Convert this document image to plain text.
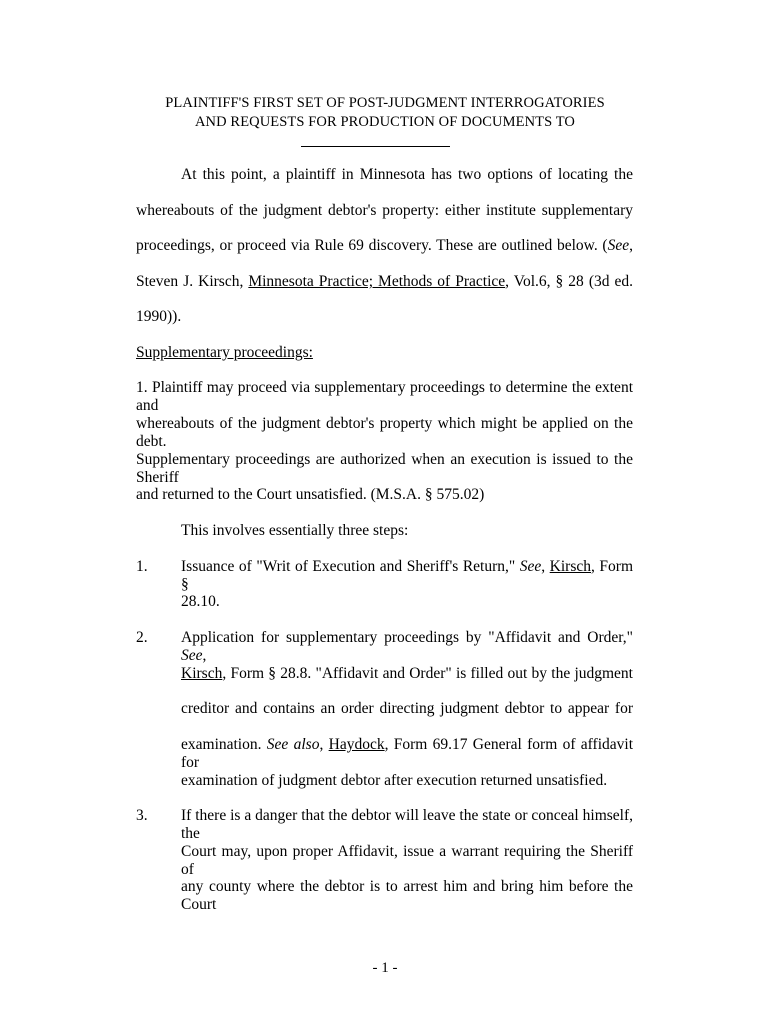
PLAINTIFF'S FIRST SET OF POST-JUDGMENT INTERROGATORIES
AND REQUESTS FOR PRODUCTION OF DOCUMENTS TO
At this point, a plaintiff in Minnesota has two options of locating the
whereabouts of the judgment debtor's property: either institute supplementary
proceedings, or proceed via Rule 69 discovery. These are outlined below. (See,
Steven J. Kirsch, Minnesota Practice; Methods of Practice, Vol.6, § 28 (3d ed.
1990)).
Supplementary proceedings:
1. Plaintiff may proceed via supplementary proceedings to determine the extent and
whereabouts of the judgment debtor's property which might be applied on the debt.
Supplementary proceedings are authorized when an execution is issued to the Sheriff
and returned to the Court unsatisfied. (M.S.A. § 575.02)
This involves essentially three steps:
1. Issuance of "Writ of Execution and Sheriff's Return," See, Kirsch, Form §
28.10.
2. Application for supplementary proceedings by "Affidavit and Order," See,
Kirsch, Form § 28.8. "Affidavit and Order" is filled out by the judgment
creditor and contains an order directing judgment debtor to appear for
examination. See also, Haydock, Form 69.17 General form of affidavit for
examination of judgment debtor after execution returned unsatisfied.
3. If there is a danger that the debtor will leave the state or conceal himself, the
Court may, upon proper Affidavit, issue a warrant requiring the Sheriff of
any county where the debtor is to arrest him and bring him before the Court
- 1 -
